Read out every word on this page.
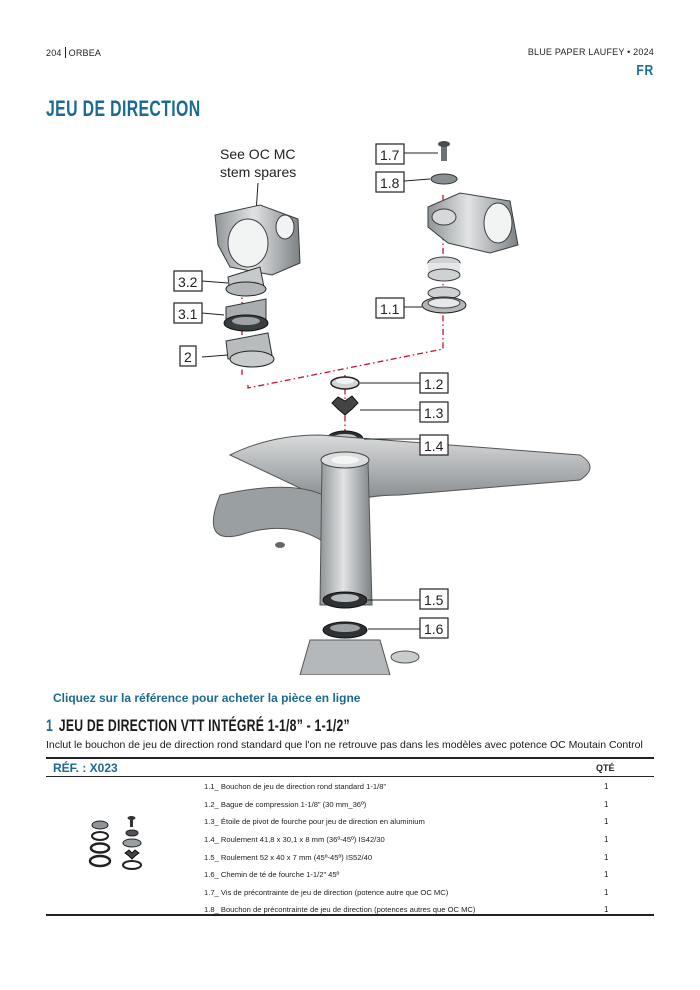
204 ORBEA	BLUE PAPER LAUFEY • 2024
FR
JEU DE DIRECTION
See OC MC
stem spares
1.7
1.8
3.2
3.1	1.1
2
1.2
1.3
1.4
1.5
1.6
Cliquez sur la référence pour acheter la pièce en ligne
1 JEU DE DIRECTION VTT INTÉGRÉ 1-1/8” - 1-1/2”
Inclut le bouchon de jeu de direction rond standard que l'on ne retrouve pas dans les modèles avec potence OC Moutain Control
RÉF. : X023	QTÉ
1.1_ Bouchon de jeu de direction rond standard 1-1/8”	1
1.2_ Bague de compression 1-1/8” (30 mm_36º)	1
1.3_ Étoile de pivot de fourche pour jeu de direction en aluminium	1
1.4_ Roulement 41,8 x 30,1 x 8 mm (36º-45º) IS42/30	1
1.5_ Roulement 52 x 40 x 7 mm (45º-45º) IS52/40	1
1.6_ Chemin de té de fourche 1-1/2” 45º	1
1.7_ Vis de précontrainte de jeu de direction (potence autre que OC MC)	1
1.8_ Bouchon de précontrainte de jeu de direction (potences autres que OC MC)	1
